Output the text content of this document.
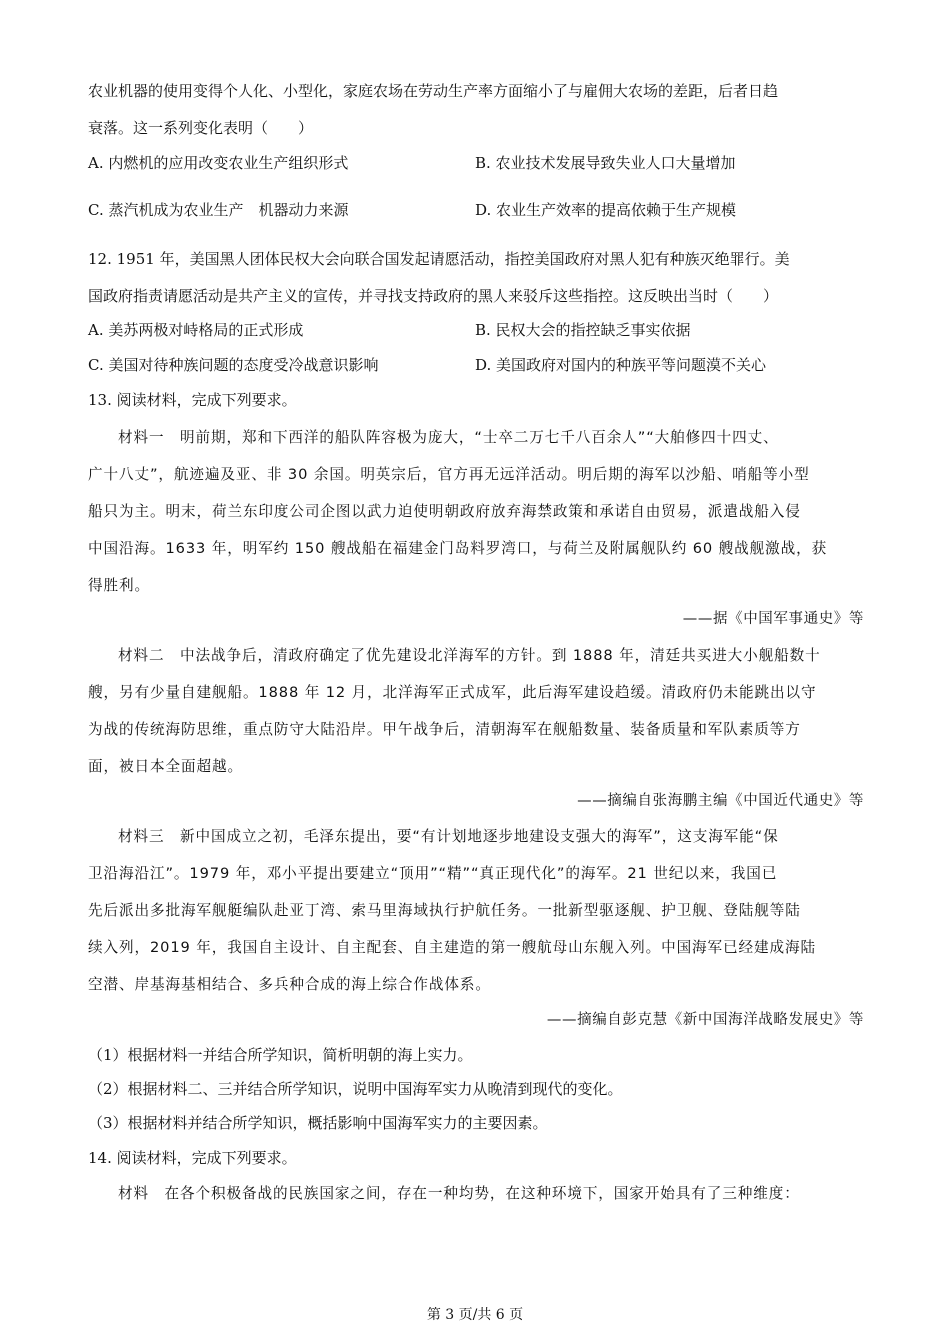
农业机器的使用变得个人化、小型化，家庭农场在劳动生产率方面缩小了与雇佣大农场的差距，后者日趋
衰落。这一系列变化表明（　　）
A. 内燃机的应用改变农业生产组织形式	B. 农业技术发展导致失业人口大量增加
C. 蒸汽机成为农业生产　机器动力来源	D. 农业生产效率的提高依赖于生产规模
12. 1951 年，美国黑人团体民权大会向联合国发起请愿活动，指控美国政府对黑人犯有种族灭绝罪行。美
国政府指责请愿活动是共产主义的宣传，并寻找支持政府的黑人来驳斥这些指控。这反映出当时（　　）
A. 美苏两极对峙格局的正式形成	B. 民权大会的指控缺乏事实依据
C. 美国对待种族问题的态度受冷战意识影响	D. 美国政府对国内的种族平等问题漠不关心
13. 阅读材料，完成下列要求。
材料一　明前期，郑和下西洋的船队阵容极为庞大，“士卒二万七千八百余人”“大舶修四十四丈、
广十八丈”，航迹遍及亚、非 30 余国。明英宗后，官方再无远洋活动。明后期的海军以沙船、哨船等小型
船只为主。明末，荷兰东印度公司企图以武力迫使明朝政府放弃海禁政策和承诺自由贸易，派遣战船入侵
中国沿海。1633 年，明军约 150 艘战船在福建金门岛料罗湾口，与荷兰及附属舰队约 60 艘战舰激战，获
得胜利。
——据《中国军事通史》等
材料二　中法战争后，清政府确定了优先建设北洋海军的方针。到 1888 年，清廷共买进大小舰船数十
艘，另有少量自建舰船。1888 年 12 月，北洋海军正式成军，此后海军建设趋缓。清政府仍未能跳出以守
为战的传统海防思维，重点防守大陆沿岸。甲午战争后，清朝海军在舰船数量、装备质量和军队素质等方
面，被日本全面超越。
——摘编自张海鹏主编《中国近代通史》等
材料三　新中国成立之初，毛泽东提出，要“有计划地逐步地建设支强大的海军”，这支海军能“保
卫沿海沿江”。1979 年，邓小平提出要建立“顶用”“精”“真正现代化”的海军。21 世纪以来，我国已
先后派出多批海军舰艇编队赴亚丁湾、索马里海域执行护航任务。一批新型驱逐舰、护卫舰、登陆舰等陆
续入列，2019 年，我国自主设计、自主配套、自主建造的第一艘航母山东舰入列。中国海军已经建成海陆
空潜、岸基海基相结合、多兵种合成的海上综合作战体系。
——摘编自彭克慧《新中国海洋战略发展史》等
（1）根据材料一并结合所学知识，简析明朝的海上实力。
（2）根据材料二、三并结合所学知识，说明中国海军实力从晚清到现代的变化。
（3）根据材料并结合所学知识，概括影响中国海军实力的主要因素。
14. 阅读材料，完成下列要求。
材料　在各个积极备战的民族国家之间，存在一种均势，在这种环境下，国家开始具有了三种维度：
第 3 页/共 6 页
